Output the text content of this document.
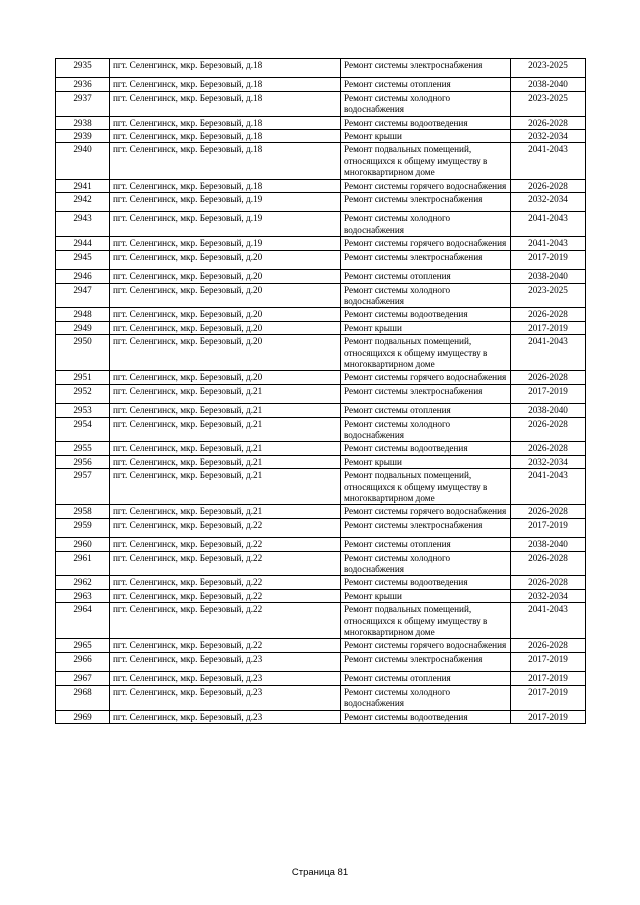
2935	пгт. Селенгинск, мкр. Березовый, д.18	Ремонт системы электроснабжения	2023-2025
2936	пгт. Селенгинск, мкр. Березовый, д.18	Ремонт системы отопления	2038-2040
2937	пгт. Селенгинск, мкр. Березовый, д.18	Ремонт системы холодного водоснабжения	2023-2025
2938	пгт. Селенгинск, мкр. Березовый, д.18	Ремонт системы водоотведения	2026-2028
2939	пгт. Селенгинск, мкр. Березовый, д.18	Ремонт крыши	2032-2034
2940	пгт. Селенгинск, мкр. Березовый, д.18	Ремонт подвальных помещений, относящихся к общему имуществу в многоквартирном доме	2041-2043
2941	пгт. Селенгинск, мкр. Березовый, д.18	Ремонт системы горячего водоснабжения	2026-2028
2942	пгт. Селенгинск, мкр. Березовый, д.19	Ремонт системы электроснабжения	2032-2034
2943	пгт. Селенгинск, мкр. Березовый, д.19	Ремонт системы холодного водоснабжения	2041-2043
2944	пгт. Селенгинск, мкр. Березовый, д.19	Ремонт системы горячего водоснабжения	2041-2043
2945	пгт. Селенгинск, мкр. Березовый, д.20	Ремонт системы электроснабжения	2017-2019
2946	пгт. Селенгинск, мкр. Березовый, д.20	Ремонт системы отопления	2038-2040
2947	пгт. Селенгинск, мкр. Березовый, д.20	Ремонт системы холодного водоснабжения	2023-2025
2948	пгт. Селенгинск, мкр. Березовый, д.20	Ремонт системы водоотведения	2026-2028
2949	пгт. Селенгинск, мкр. Березовый, д.20	Ремонт крыши	2017-2019
2950	пгт. Селенгинск, мкр. Березовый, д.20	Ремонт подвальных помещений, относящихся к общему имуществу в многоквартирном доме	2041-2043
2951	пгт. Селенгинск, мкр. Березовый, д.20	Ремонт системы горячего водоснабжения	2026-2028
2952	пгт. Селенгинск, мкр. Березовый, д.21	Ремонт системы электроснабжения	2017-2019
2953	пгт. Селенгинск, мкр. Березовый, д.21	Ремонт системы отопления	2038-2040
2954	пгт. Селенгинск, мкр. Березовый, д.21	Ремонт системы холодного водоснабжения	2026-2028
2955	пгт. Селенгинск, мкр. Березовый, д.21	Ремонт системы водоотведения	2026-2028
2956	пгт. Селенгинск, мкр. Березовый, д.21	Ремонт крыши	2032-2034
2957	пгт. Селенгинск, мкр. Березовый, д.21	Ремонт подвальных помещений, относящихся к общему имуществу в многоквартирном доме	2041-2043
2958	пгт. Селенгинск, мкр. Березовый, д.21	Ремонт системы горячего водоснабжения	2026-2028
2959	пгт. Селенгинск, мкр. Березовый, д.22	Ремонт системы электроснабжения	2017-2019
2960	пгт. Селенгинск, мкр. Березовый, д.22	Ремонт системы отопления	2038-2040
2961	пгт. Селенгинск, мкр. Березовый, д.22	Ремонт системы холодного водоснабжения	2026-2028
2962	пгт. Селенгинск, мкр. Березовый, д.22	Ремонт системы водоотведения	2026-2028
2963	пгт. Селенгинск, мкр. Березовый, д.22	Ремонт крыши	2032-2034
2964	пгт. Селенгинск, мкр. Березовый, д.22	Ремонт подвальных помещений, относящихся к общему имуществу в многоквартирном доме	2041-2043
2965	пгт. Селенгинск, мкр. Березовый, д.22	Ремонт системы горячего водоснабжения	2026-2028
2966	пгт. Селенгинск, мкр. Березовый, д.23	Ремонт системы электроснабжения	2017-2019
2967	пгт. Селенгинск, мкр. Березовый, д.23	Ремонт системы отопления	2017-2019
2968	пгт. Селенгинск, мкр. Березовый, д.23	Ремонт системы холодного водоснабжения	2017-2019
2969	пгт. Селенгинск, мкр. Березовый, д.23	Ремонт системы водоотведения	2017-2019
Страница 81
